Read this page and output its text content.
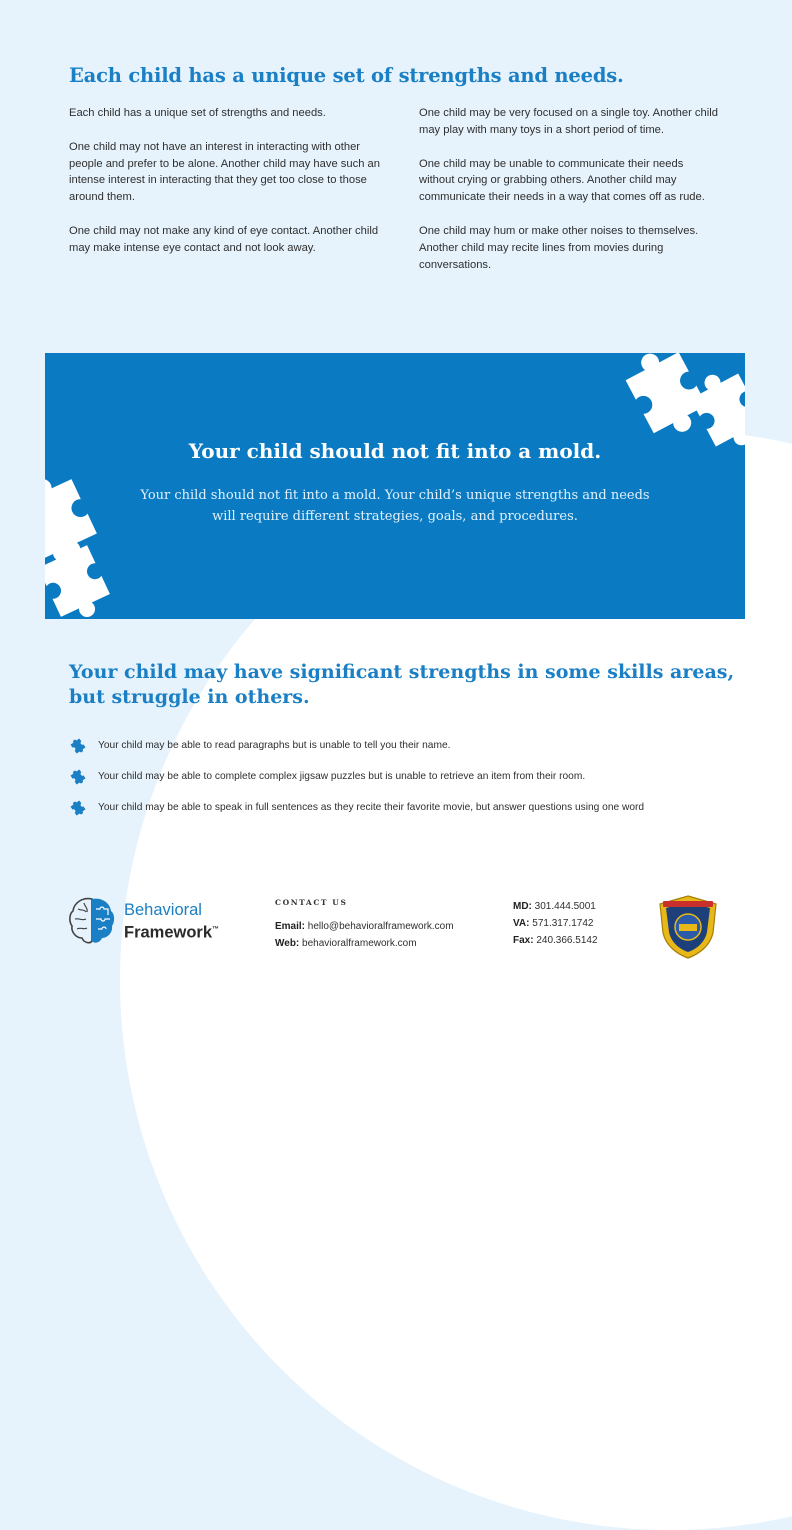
Each child has a unique set of strengths and needs.

Each child has a unique set of strengths and needs.

One child may not have an interest in interacting with other people and prefer to be alone. Another child may have such an intense interest in interacting that they get too close to those around them.

One child may not make any kind of eye contact. Another child may make intense eye contact and not look away.

One child may be very focused on a single toy. Another child may play with many toys in a short period of time.

One child may be unable to communicate their needs without crying or grabbing others. Another child may communicate their needs in a way that comes off as rude.

One child may hum or make other noises to themselves. Another child may recite lines from movies during conversations.

Your child should not fit into a mold.

Your child should not fit into a mold. Your child’s unique strengths and needs will require different strategies, goals, and procedures.

Your child may have significant strengths in some skills areas, but struggle in others.
Your child may be able to read paragraphs but is unable to tell you their name.
Your child may be able to complete complex jigsaw puzzles but is unable to retrieve an item from their room.
Your child may be able to speak in full sentences as they recite their favorite movie, but answer questions using one word
Behavioral
Framework™
CONTACT US
Email: hello@behavioralframework.com
Web: behavioralframework.com
MD: 301.444.5001
VA: 571.317.1742
Fax: 240.366.5142
